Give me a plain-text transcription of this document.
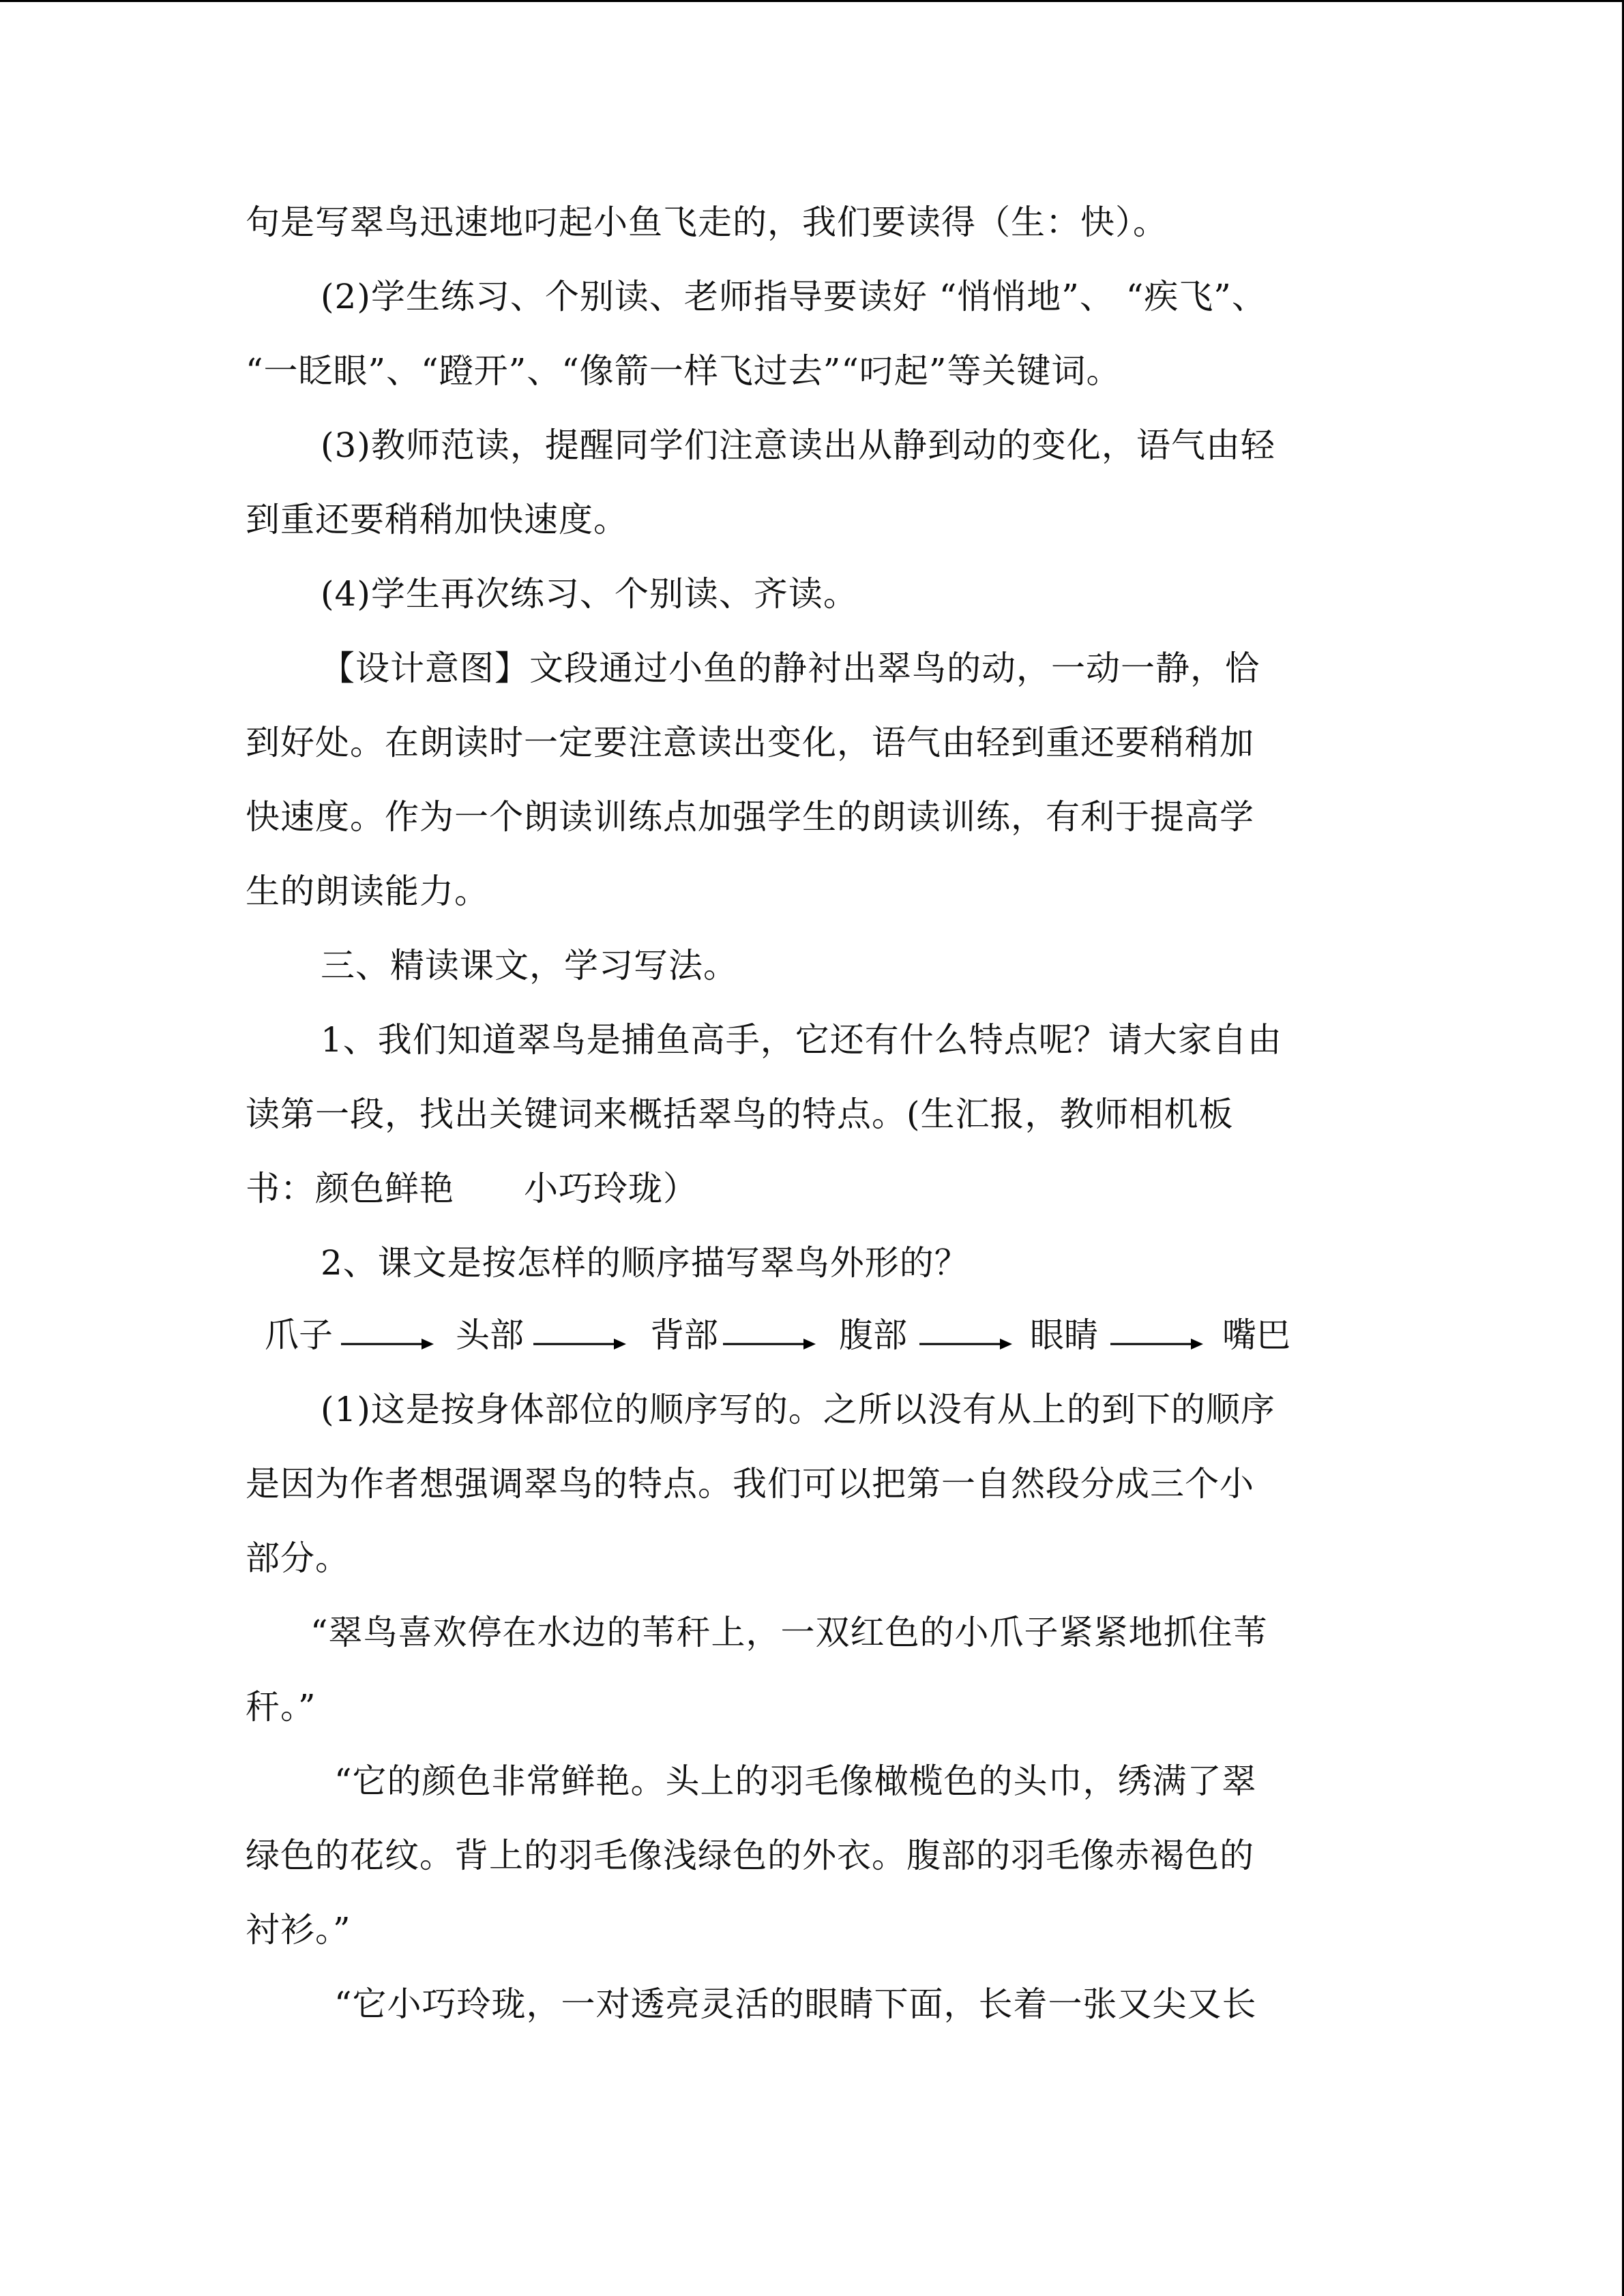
句是写翠鸟迅速地叼起小鱼飞走的，我们要读得（生：快）。
(2)学生练习、个别读、老师指导要读好 “悄悄地”、 “疾飞”、
“一眨眼”、“蹬开”、“像箭一样飞过去”“叼起”等关键词。
(3)教师范读，提醒同学们注意读出从静到动的变化，语气由轻
到重还要稍稍加快速度。
(4)学生再次练习、个别读、齐读。
【设计意图】文段通过小鱼的静衬出翠鸟的动，一动一静，恰
到好处。在朗读时一定要注意读出变化，语气由轻到重还要稍稍加
快速度。作为一个朗读训练点加强学生的朗读训练，有利于提高学
生的朗读能力。
三、精读课文，学习写法。
1、我们知道翠鸟是捕鱼高手，它还有什么特点呢？请大家自由
读第一段，找出关键词来概括翠鸟的特点。(生汇报，教师相机板
书：颜色鲜艳　　小巧玲珑）
2、课文是按怎样的顺序描写翠鸟外形的？
爪子	头部	背部	腹部	眼睛	嘴巴
(1)这是按身体部位的顺序写的。之所以没有从上的到下的顺序
是因为作者想强调翠鸟的特点。我们可以把第一自然段分成三个小
部分。
“翠鸟喜欢停在水边的苇秆上，一双红色的小爪子紧紧地抓住苇
秆。”
“它的颜色非常鲜艳。头上的羽毛像橄榄色的头巾，绣满了翠
绿色的花纹。背上的羽毛像浅绿色的外衣。腹部的羽毛像赤褐色的
衬衫。”
“它小巧玲珑，一对透亮灵活的眼睛下面，长着一张又尖又长
